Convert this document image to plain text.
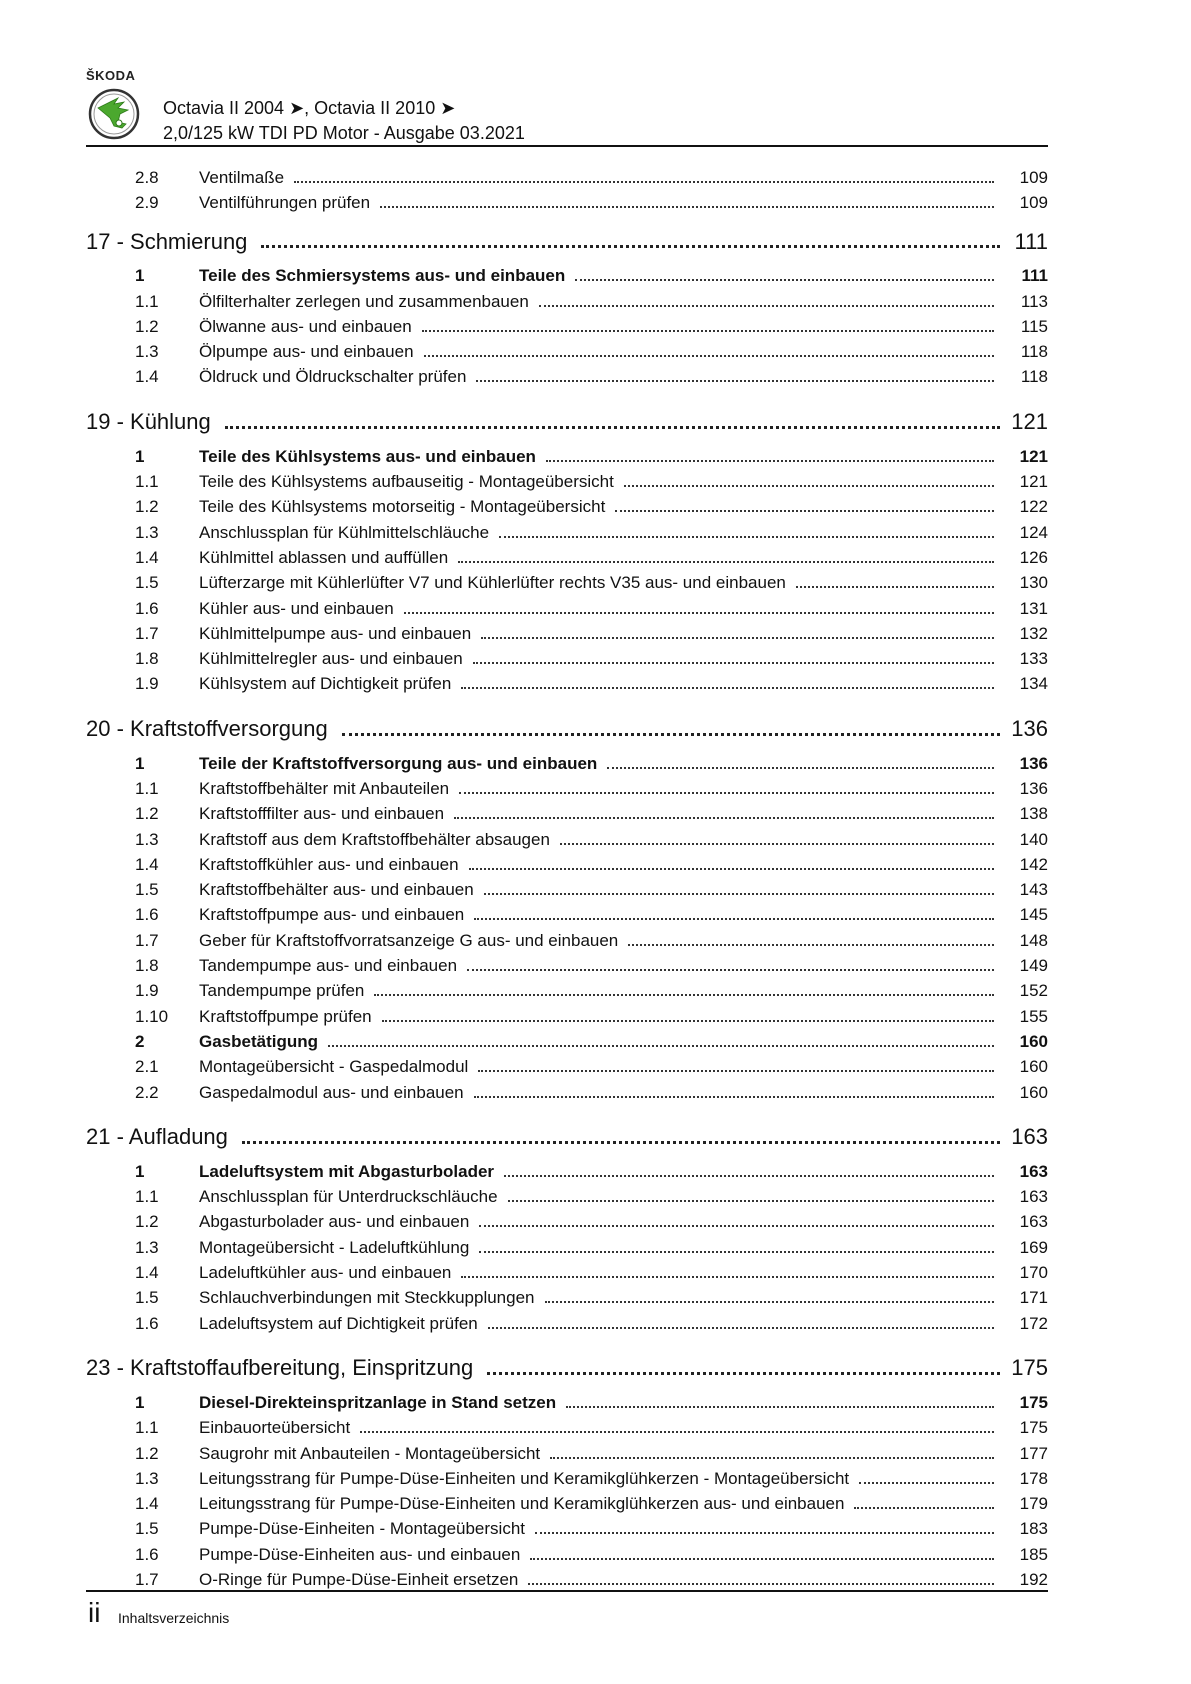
ŠKODA
Octavia II 2004 ➤, Octavia II 2010 ➤
2,0/125 kW TDI PD Motor - Ausgabe 03.2021
2.8 Ventilmaße	109
2.9 Ventilführungen prüfen	109
17 - Schmierung	111
1	Teile des Schmiersystems aus- und einbauen	111
1.1 Ölfilterhalter zerlegen und zusammenbauen	113
1.2 Ölwanne aus- und einbauen	115
1.3 Ölpumpe aus- und einbauen	118
1.4 Öldruck und Öldruckschalter prüfen	118
19 - Kühlung	121
1	Teile des Kühlsystems aus- und einbauen	121
1.1 Teile des Kühlsystems aufbauseitig - Montageübersicht	121
1.2 Teile des Kühlsystems motorseitig - Montageübersicht	122
1.3 Anschlussplan für Kühlmittelschläuche	124
1.4 Kühlmittel ablassen und auffüllen	126
1.5 Lüfterzarge mit Kühlerlüfter V7 und Kühlerlüfter rechts V35 aus- und einbauen	130
1.6 Kühler aus- und einbauen	131
1.7 Kühlmittelpumpe aus- und einbauen	132
1.8 Kühlmittelregler aus- und einbauen	133
1.9 Kühlsystem auf Dichtigkeit prüfen	134
20 - Kraftstoffversorgung	136
1	Teile der Kraftstoffversorgung aus- und einbauen	136
1.1 Kraftstoffbehälter mit Anbauteilen	136
1.2 Kraftstofffilter aus- und einbauen	138
1.3 Kraftstoff aus dem Kraftstoffbehälter absaugen	140
1.4 Kraftstoffkühler aus- und einbauen	142
1.5 Kraftstoffbehälter aus- und einbauen	143
1.6 Kraftstoffpumpe aus- und einbauen	145
1.7 Geber für Kraftstoffvorratsanzeige G aus- und einbauen	148
1.8 Tandempumpe aus- und einbauen	149
1.9 Tandempumpe prüfen	152
1.10 Kraftstoffpumpe prüfen	155
2	Gasbetätigung	160
2.1 Montageübersicht - Gaspedalmodul	160
2.2 Gaspedalmodul aus- und einbauen	160
21 - Aufladung	163
1	Ladeluftsystem mit Abgasturbolader	163
1.1 Anschlussplan für Unterdruckschläuche	163
1.2 Abgasturbolader aus- und einbauen	163
1.3 Montageübersicht - Ladeluftkühlung	169
1.4 Ladeluftkühler aus- und einbauen	170
1.5 Schlauchverbindungen mit Steckkupplungen	171
1.6 Ladeluftsystem auf Dichtigkeit prüfen	172
23 - Kraftstoffaufbereitung, Einspritzung	175
1	Diesel-Direkteinspritzanlage in Stand setzen	175
1.1 Einbauorteübersicht	175
1.2 Saugrohr mit Anbauteilen - Montageübersicht	177
1.3 Leitungsstrang für Pumpe-Düse-Einheiten und Keramikglühkerzen - Montageübersicht	178
1.4 Leitungsstrang für Pumpe-Düse-Einheiten und Keramikglühkerzen aus- und einbauen	179
1.5 Pumpe-Düse-Einheiten - Montageübersicht	183
1.6 Pumpe-Düse-Einheiten aus- und einbauen	185
1.7 O-Ringe für Pumpe-Düse-Einheit ersetzen	192
ii Inhaltsverzeichnis
